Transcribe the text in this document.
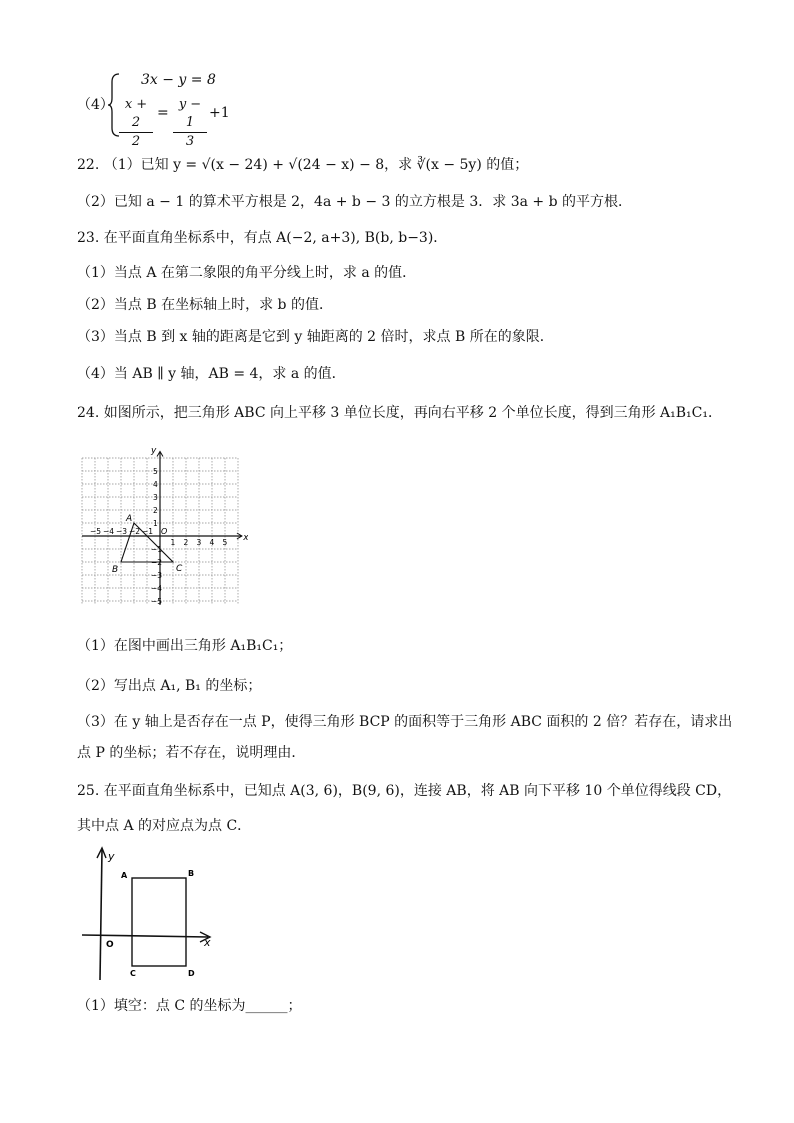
（4）
3x − y = 8
$\frac{x + 2}{2} = \frac{y - 1}{3} +1$
22. （1）已知 y = √(x − 24) + √(24 − x) − 8，求 ∛(x − 5y) 的值；
（2）已知 a − 1 的算术平方根是 2，4a + b − 3 的立方根是 3．求 3a + b 的平方根．
23. 在平面直角坐标系中，有点 A(−2, a+3), B(b, b−3)．
（1）当点 A 在第二象限的角平分线上时，求 a 的值．
（2）当点 B 在坐标轴上时，求 b 的值．
（3）当点 B 到 x 轴的距离是它到 y 轴距离的 2 倍时，求点 B 所在的象限．
（4）当 AB ∥ y 轴，AB = 4，求 a 的值．
24. 如图所示，把三角形 ABC 向上平移 3 单位长度，再向右平移 2 个单位长度，得到三角形 A₁B₁C₁．
x
y
O
−5 −4 −3 −2 −1
1 2 3 4 5
5
4
3
2
1
−1
−2
−3
−4
−5
A
B	C
（1）在图中画出三角形 A₁B₁C₁；
（2）写出点 A₁, B₁ 的坐标；
（3）在 y 轴上是否存在一点 P，使得三角形 BCP 的面积等于三角形 ABC 面积的 2 倍？若存在，请求出
点 P 的坐标；若不存在，说明理由．
25. 在平面直角坐标系中，已知点 A(3, 6)，B(9, 6)，连接 AB，将 AB 向下平移 10 个单位得线段 CD，
其中点 A 的对应点为点 C．
y
x
O
A	B
C	D
（1）填空：点 C 的坐标为______；
